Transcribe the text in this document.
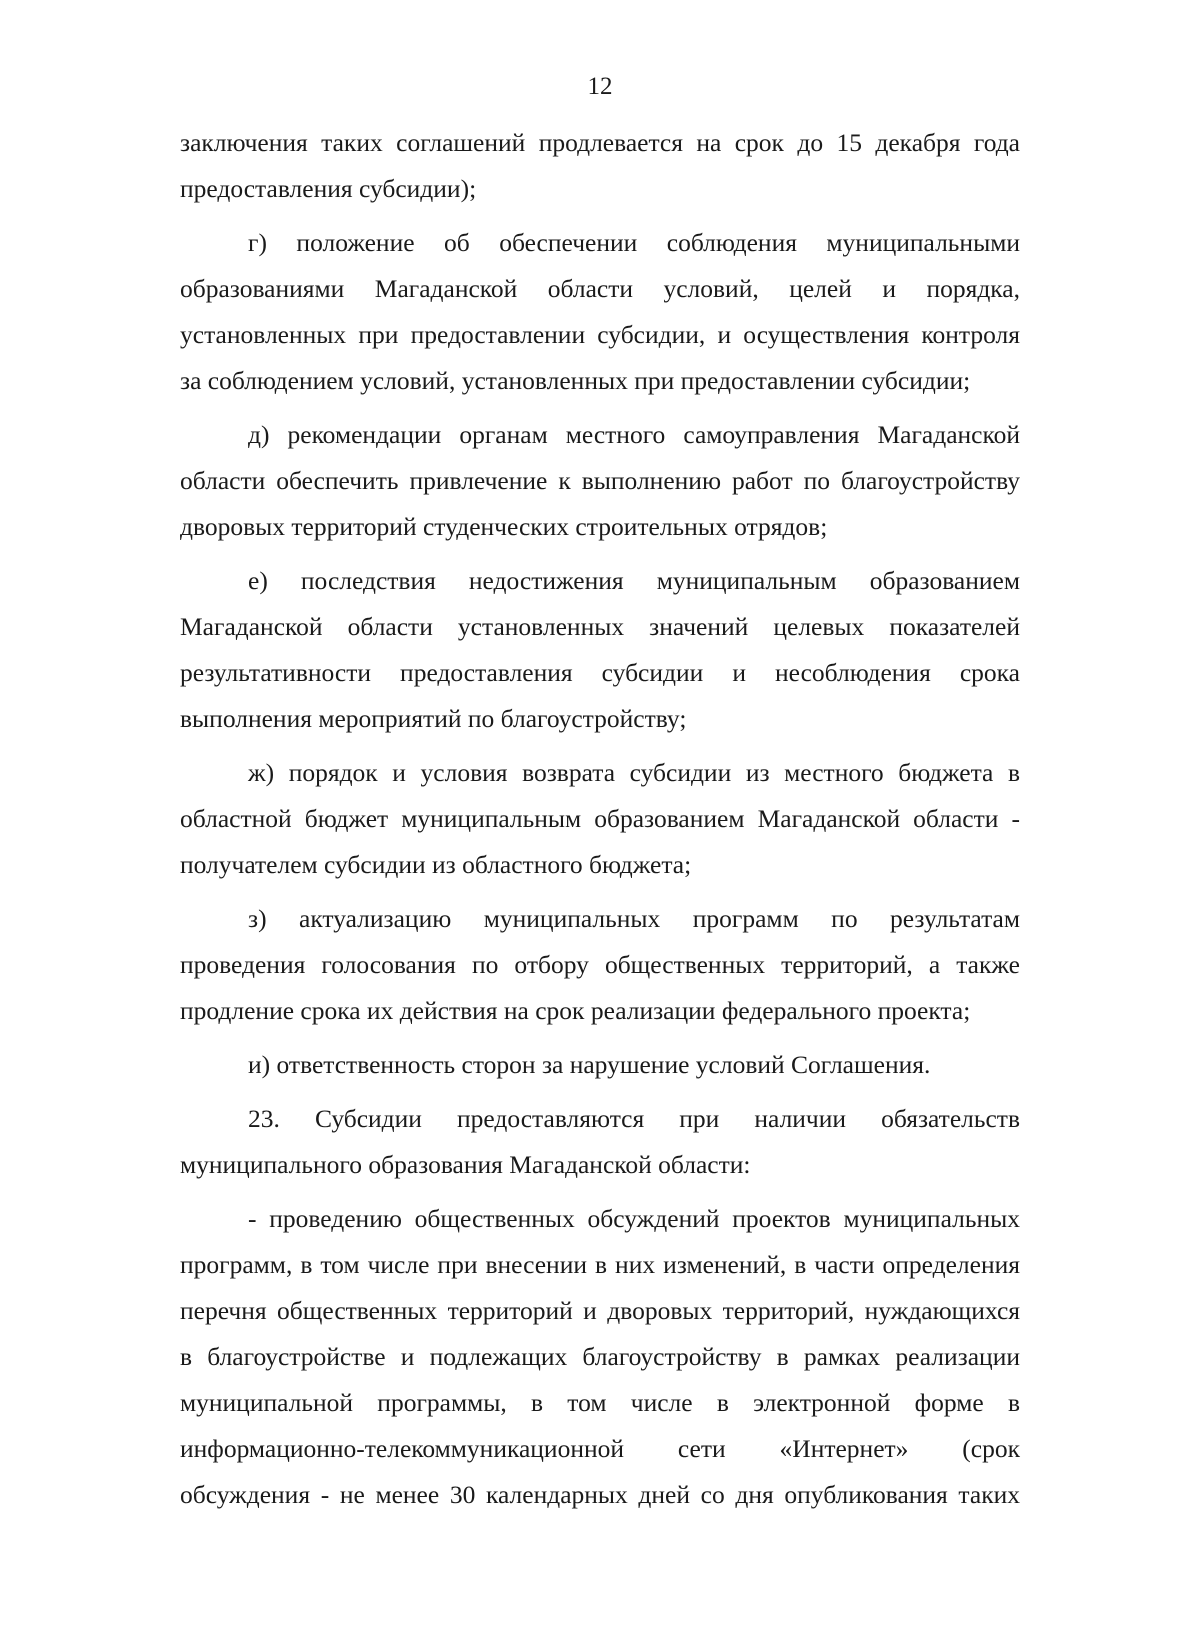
12
заключения таких соглашений продлевается на срок до 15 декабря года
предоставления субсидии);
г) положение об обеспечении соблюдения муниципальными
образованиями Магаданской области условий, целей и порядка,
установленных при предоставлении субсидии, и осуществления контроля
за соблюдением условий, установленных при предоставлении субсидии;
д) рекомендации органам местного самоуправления Магаданской
области обеспечить привлечение к выполнению работ по благоустройству
дворовых территорий студенческих строительных отрядов;
е) последствия недостижения муниципальным образованием
Магаданской области установленных значений целевых показателей
результативности предоставления субсидии и несоблюдения срока
выполнения мероприятий по благоустройству;
ж) порядок и условия возврата субсидии из местного бюджета в
областной бюджет муниципальным образованием Магаданской области -
получателем субсидии из областного бюджета;
з) актуализацию муниципальных программ по результатам
проведения голосования по отбору общественных территорий, а также
продление срока их действия на срок реализации федерального проекта;
и) ответственность сторон за нарушение условий Соглашения.
23. Субсидии предоставляются при наличии обязательств
муниципального образования Магаданской области:
- проведению общественных обсуждений проектов муниципальных
программ, в том числе при внесении в них изменений, в части определения
перечня общественных территорий и дворовых территорий, нуждающихся
в благоустройстве и подлежащих благоустройству в рамках реализации
муниципальной программы, в том числе в электронной форме в
информационно-телекоммуникационной сети «Интернет» (срок
обсуждения - не менее 30 календарных дней со дня опубликования таких
